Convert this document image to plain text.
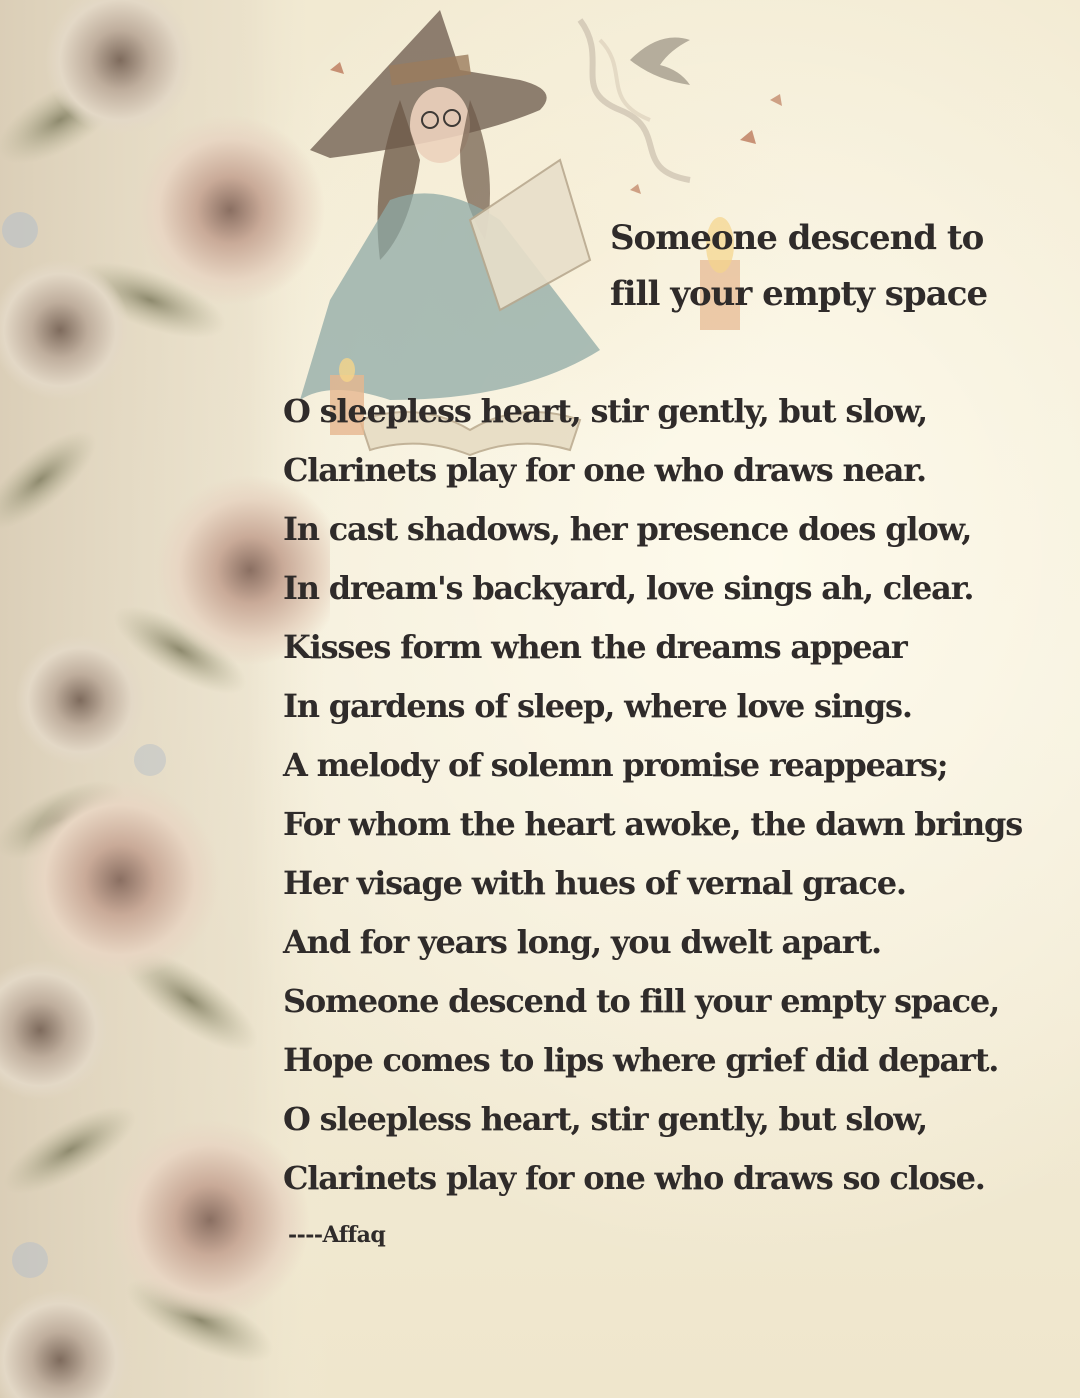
Someone descend to
fill your empty space
O sleepless heart, stir gently, but slow,
Clarinets play for one who draws near.
In cast shadows, her presence does glow,
In dream's backyard, love sings ah, clear.
Kisses form when the dreams appear
In gardens of sleep, where love sings.
A melody of solemn promise reappears;
For whom the heart awoke, the dawn brings
Her visage with hues of vernal grace.
And for years long, you dwelt apart.
Someone descend to fill your empty space,
Hope comes to lips where grief did depart.
O sleepless heart, stir gently, but slow,
Clarinets play for one who draws so close.
----Affaq
